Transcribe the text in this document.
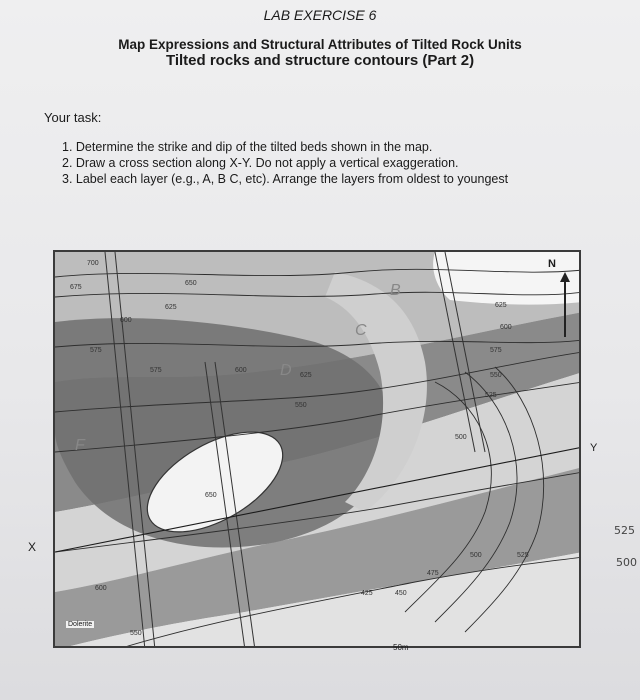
LAB EXERCISE 6
Map Expressions and Structural Attributes of Tilted Rock Units
Tilted rocks and structure contours (Part 2)
Your task:
1. Determine the strike and dip of the tilted beds shown in the map.
2. Draw a cross section along X-Y. Do not apply a vertical exaggeration.
3. Label each layer (e.g., A, B C, etc). Arrange the layers from oldest to youngest
B
C
D
F
700
675
650
625
600
575
575	600
625
550
625
600
575
550
525
500
650
600
550
425	450
475
500	525
X
Y
N
50m
Dolerite
525
500
